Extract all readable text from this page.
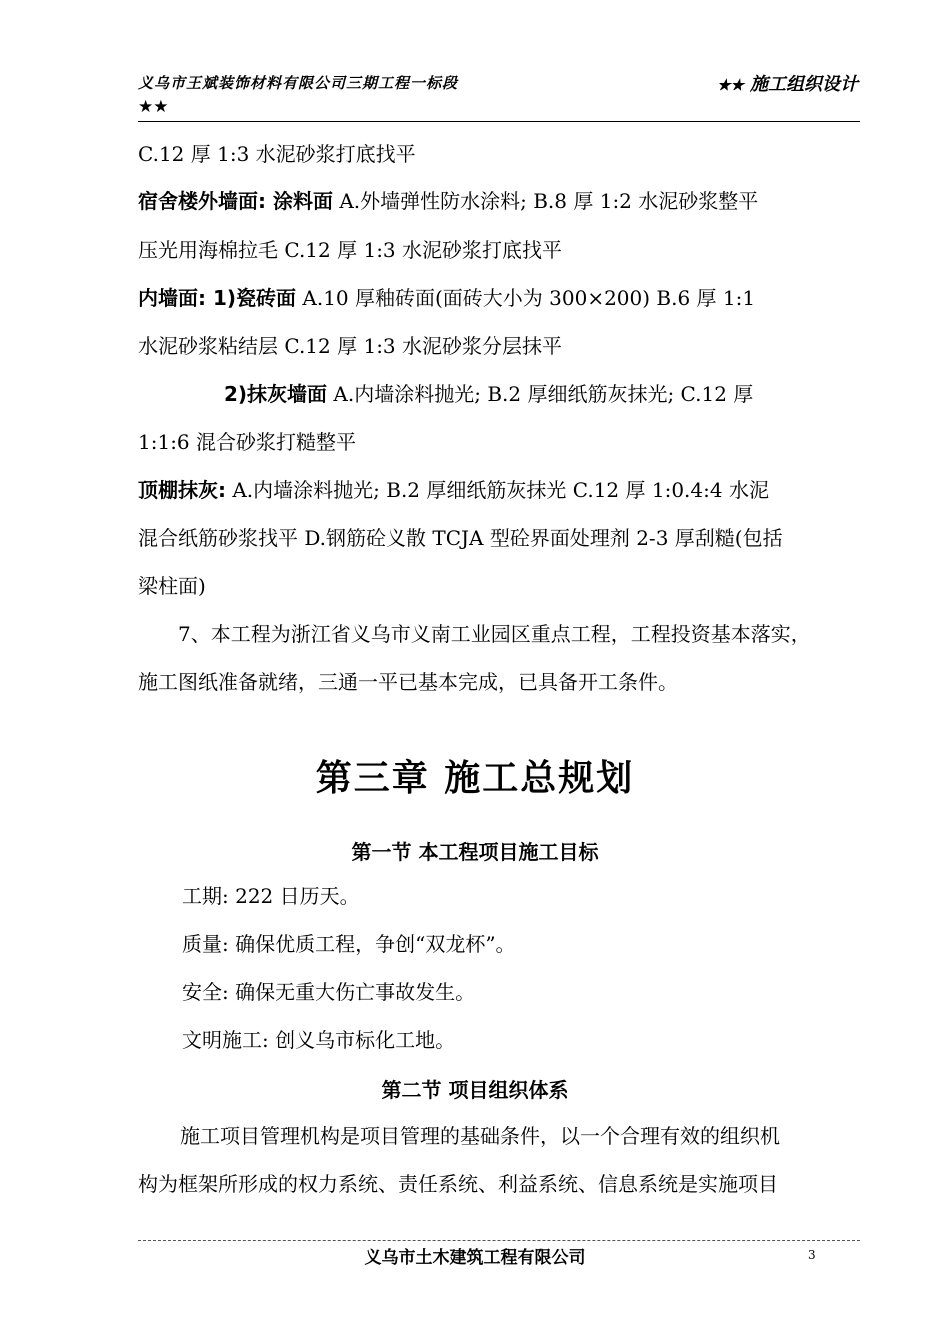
义乌市王斌装饰材料有限公司三期工程一标段
★★
★★ 施工组织设计
C.12 厚 1:3 水泥砂浆打底找平
宿舍楼外墙面: 涂料面 A.外墙弹性防水涂料; B.8 厚 1:2 水泥砂浆整平
压光用海棉拉毛 C.12 厚 1:3 水泥砂浆打底找平
内墙面: 1)瓷砖面 A.10 厚釉砖面(面砖大小为 300×200) B.6 厚 1:1
水泥砂浆粘结层 C.12 厚 1:3 水泥砂浆分层抹平
2)抹灰墙面 A.内墙涂料抛光; B.2 厚细纸筋灰抹光; C.12 厚
1:1:6 混合砂浆打糙整平
顶棚抹灰: A.内墙涂料抛光; B.2 厚细纸筋灰抹光 C.12 厚 1:0.4:4 水泥
混合纸筋砂浆找平 D.钢筋砼义散 TCJA 型砼界面处理剂 2-3 厚刮糙(包括
梁柱面)
7、本工程为浙江省义乌市义南工业园区重点工程，工程投资基本落实，
施工图纸准备就绪，三通一平已基本完成，已具备开工条件。
第三章 施工总规划
第一节 本工程项目施工目标
工期: 222 日历天。
质量: 确保优质工程，争创“双龙杯”。
安全: 确保无重大伤亡事故发生。
文明施工: 创义乌市标化工地。
第二节 项目组织体系
施工项目管理机构是项目管理的基础条件，以一个合理有效的组织机
构为框架所形成的权力系统、责任系统、利益系统、信息系统是实施项目
义乌市土木建筑工程有限公司	3
